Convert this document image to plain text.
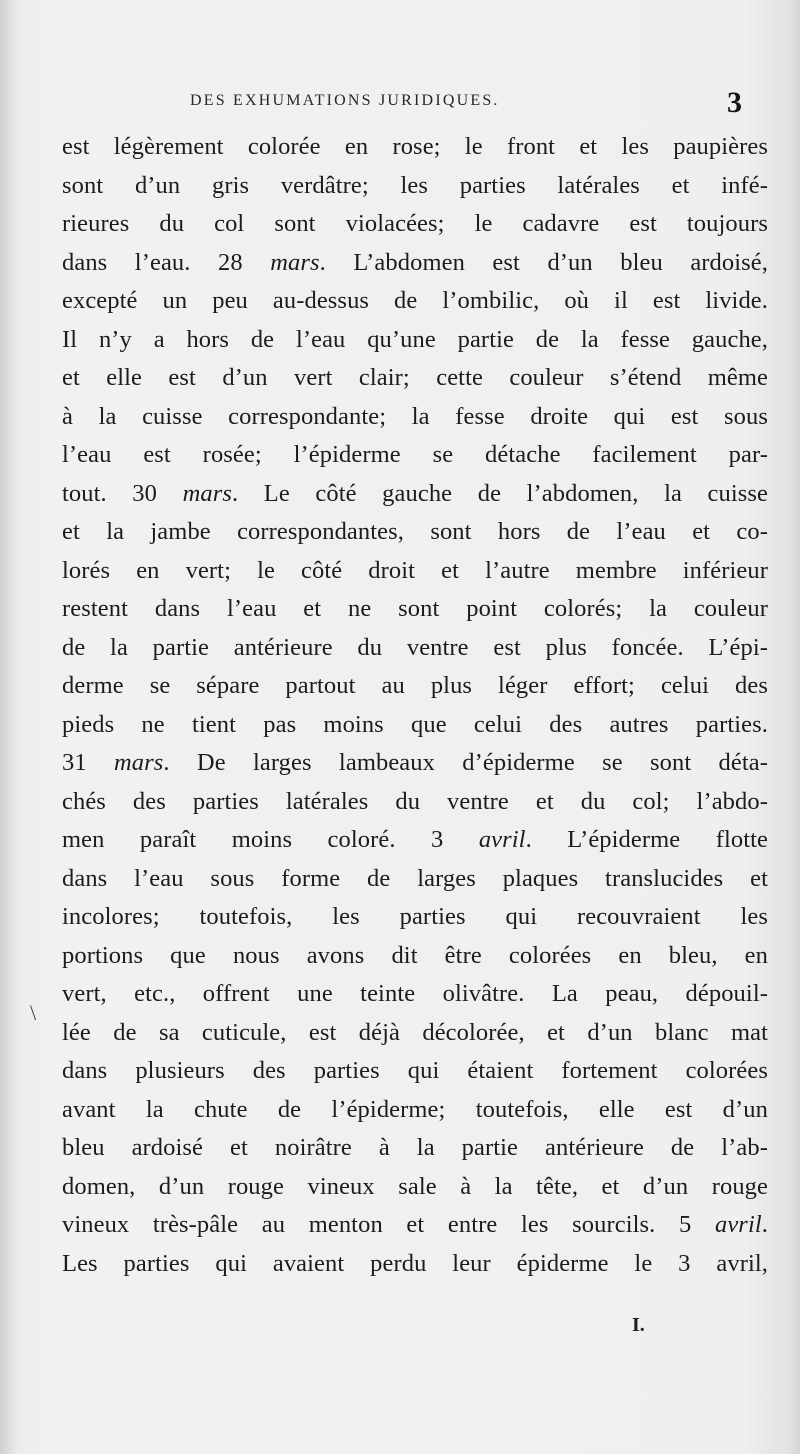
DES EXHUMATIONS JURIDIQUES.	3
est légèrement colorée en rose; le front et les paupières
sont d’un gris verdâtre; les parties latérales et infé-
rieures du col sont violacées; le cadavre est toujours
dans l’eau. 28 mars. L’abdomen est d’un bleu ardoisé,
excepté un peu au-dessus de l’ombilic, où il est livide.
Il n’y a hors de l’eau qu’une partie de la fesse gauche,
et elle est d’un vert clair; cette couleur s’étend même
à la cuisse correspondante; la fesse droite qui est sous
l’eau est rosée; l’épiderme se détache facilement par-
tout. 30 mars. Le côté gauche de l’abdomen, la cuisse
et la jambe correspondantes, sont hors de l’eau et co-
lorés en vert; le côté droit et l’autre membre inférieur
restent dans l’eau et ne sont point colorés; la couleur
de la partie antérieure du ventre est plus foncée. L’épi-
derme se sépare partout au plus léger effort; celui des
pieds ne tient pas moins que celui des autres parties.
31 mars. De larges lambeaux d’épiderme se sont déta-
chés des parties latérales du ventre et du col; l’abdo-
men paraît moins coloré. 3 avril. L’épiderme flotte
dans l’eau sous forme de larges plaques translucides et
incolores; toutefois, les parties qui recouvraient les
portions que nous avons dit être colorées en bleu, en
vert, etc., offrent une teinte olivâtre. La peau, dépouil-
lée de sa cuticule, est déjà décolorée, et d’un blanc mat
dans plusieurs des parties qui étaient fortement colorées
avant la chute de l’épiderme; toutefois, elle est d’un
bleu ardoisé et noirâtre à la partie antérieure de l’ab-
domen, d’un rouge vineux sale à la tête, et d’un rouge
vineux très-pâle au menton et entre les sourcils. 5 avril.
Les parties qui avaient perdu leur épiderme le 3 avril,
\
I.
